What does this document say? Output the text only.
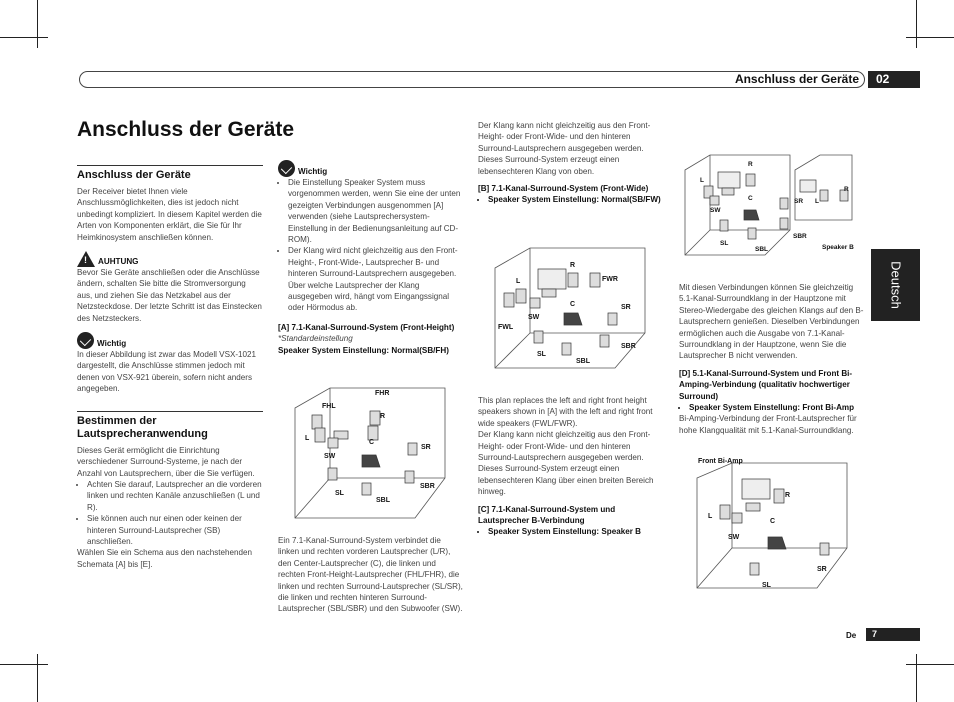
Anschluss der Geräte	02
Deutsch
Anschluss der Geräte
Anschluss der Geräte

Der Receiver bietet Ihnen viele Anschlussmöglichkeiten, dies ist jedoch nicht unbedingt kompliziert. In diesem Kapitel werden die Arten von Komponenten erklärt, die Sie für Ihr Heimkinosystem anschließen können.

!
AUHTUNG

Bevor Sie Geräte anschließen oder die Anschlüsse ändern, schalten Sie bitte die Stromversorgung aus, und ziehen Sie das Netzkabel aus der Netzsteckdose. Der letzte Schritt ist das Einstecken des Netzsteckers.

Wichtig

In dieser Abbildung ist zwar das Modell VSX-1021 dargestellt, die Anschlüsse stimmen jedoch mit denen von VSX-921 überein, sofern nicht anders angegeben.

Bestimmen der Lautsprecheranwendung

Dieses Gerät ermöglicht die Einrichtung verschiedener Surround-Systeme, je nach der Anzahl von Lautsprechern, über die Sie verfügen.

• Achten Sie darauf, Lautsprecher an die vorderen linken und rechten Kanäle anzuschließen (L und R).
• Sie können auch nur einen oder keinen der hinteren Surround-Lautsprecher (SB) anschließen.

Wählen Sie ein Schema aus den nachstehenden Schemata [A] bis [E].

Wichtig
• Die Einstellung Speaker System muss vorgenommen werden, wenn Sie eine der unten gezeigten Verbindungen ausgenommen [A] verwenden (siehe Lautsprechersystem-Einstellung in der Bedienungsanleitung auf CD-ROM).
• Der Klang wird nicht gleichzeitig aus den Front-Height-, Front-Wide-, Lautsprecher B- und hinteren Surround-Lautsprechern ausgegeben. Über welche Lautsprecher der Klang ausgegeben wird, hängt vom Eingangssignal oder Hörmodus ab.

[A] 7.1-Kanal-Surround-System (Front-Height)

*Standardeinstellung

Speaker System Einstellung: Normal(SB/FH)

FHL
FHR
L
R
C
SW
SR
SL
SBL
SBR

Ein 7.1-Kanal-Surround-System verbindet die linken und rechten vorderen Lautsprecher (L/R), den Center-Lautsprecher (C), die linken und rechten Front-Height-Lautsprecher (FHL/FHR), die linken und rechten Surround-Lautsprecher (SL/SR), die linken und rechten hinteren Surround-Lautsprecher (SBL/SBR) und den Subwoofer (SW).

Der Klang kann nicht gleichzeitig aus den Front-Height- oder Front-Wide- und den hinteren Surround-Lautsprechern ausgegeben werden.

Dieses Surround-System erzeugt einen lebensechteren Klang von oben.

[B] 7.1-Kanal-Surround-System (Front-Wide)

• Speaker System Einstellung: Normal(SB/FW)
L
R
FWR
FWL
C
SW
SR
SL
SBL
SBR

This plan replaces the left and right front height speakers shown in [A] with the left and right front wide speakers (FWL/FWR).

Der Klang kann nicht gleichzeitig aus den Front-Height- oder Front-Wide- und den hinteren Surround-Lautsprechern ausgegeben werden.

Dieses Surround-System erzeugt einen lebensechteren Klang über einen breiten Bereich hinweg.

[C] 7.1-Kanal-Surround-System und Lautsprecher B-Verbindung

• Speaker System Einstellung: Speaker B
L
R
C
SW
SR
SL
SBL
SBR
L
R
Speaker B

Mit diesen Verbindungen können Sie gleichzeitig 5.1-Kanal-Surroundklang in der Hauptzone mit Stereo-Wiedergabe des gleichen Klangs auf den B-Lautsprechern genießen. Dieselben Verbindungen ermöglichen auch die Ausgabe von 7.1-Kanal-Surroundklang in der Hauptzone, wenn Sie die Lautsprecher B nicht verwenden.

[D] 5.1-Kanal-Surround-System und Front Bi-Amping-Verbindung (qualitativ hochwertiger Surround)

• Speaker System Einstellung: Front Bi-Amp

Bi-Amping-Verbindung der Front-Lautsprecher für hohe Klangqualität mit 5.1-Kanal-Surroundklang.

Front Bi-Amp
L
R
C
SW
SR
SL
De	7
